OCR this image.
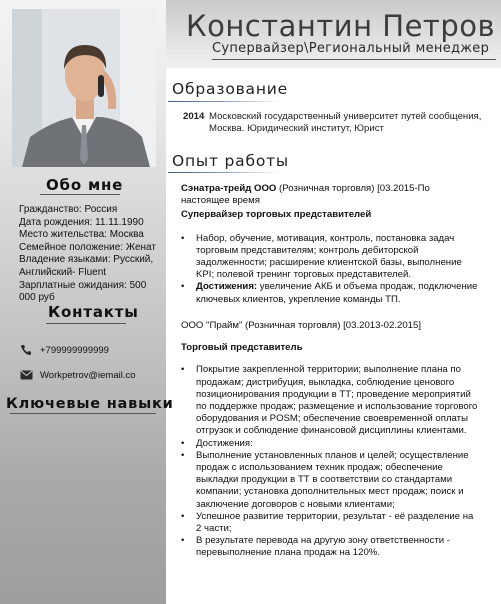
Константин Петров
Супервайзер\Региональный менеджер
Обо мне
Гражданство: Россия
Дата рождения: 11.11.1990
Место жительства: Москва
Семейное положение: Женат
Владение языками: Русский, Английский- Fluent
Зарплатные ожидания: 500 000 руб
Контакты
+799999999999
Workpetrov@iemail.co
Ключевые навыки
Образование
2014 Московский государственный университет путей сообщения, Москва. Юридический институт, Юрист
Опыт работы
Сэнатра-трейд ООО (Розничная торговля) [03.2015-По настоящее время
Супервайзер торговых представителей
• Набор, обучение, мотивация, контроль, постановка задач торговым представителям; контроль дебиторской задолженности; расширение клиентской базы, выполнение KPI; полевой тренинг торговых представителей.
• Достижения: увеличение АКБ и объема продаж, подключение ключевых клиентов, укрепление команды ТП.
ООО "Прайм" (Розничная торговля) [03.2013-02.2015]
Торговый представитель
• Покрытие закрепленной территории; выполнение плана по продажам; дистрибуция, выкладка, соблюдение ценового позиционирования продукции в ТТ; проведение мероприятий по поддержке продаж; размещение и использование торгового оборудования и POSM; обеспечение своевременной оплаты отгрузок и соблюдение финансовой дисциплины клиентами.
• Достижения:
• Выполнение установленных планов и целей; осуществление продаж с использованием техник продаж; обеспечение выкладки продукции в ТТ в соответствии со стандартами компании; установка дополнительных мест продаж; поиск и заключение договоров с новыми клиентами;
• Успешное развитие территории, результат - её разделение на 2 части;
• В результате перевода на другую зону ответственности - перевыполнение плана продаж на 120%.
